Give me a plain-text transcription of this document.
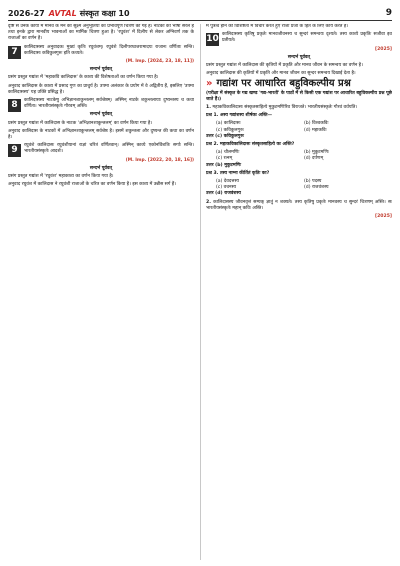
2026-27 AVTAL संस्कृत कक्षा 10	9

दृष्टि से उनके कार्यों में मानव के मन की सूक्ष्म अनुभूतियों का प्रभावपूर्ण चित्रण की गई है। नाटकों की भाषा सरल है तथा इनके द्वारा मानवीय भावनाओं का मार्मिक चित्रण हुआ है। 'रघुवंश' में दिलीप से लेकर अग्निवर्ण तक के राजाओं का वर्णन है।

7	कालिदासस्य अनुवादकः मुख्यं कृतिः रघुवंशम्। रघुवंशे दिलीपरघ्वजरामादयः राजानः वर्णिताः सन्ति। कालिदासः कविकुलगुरुः इति कथ्यते।

(M. Imp. [2024, 23, 18, 11])

सन्दर्भ पूर्ववत्

प्रसंग प्रस्तुत गद्यांश में 'महाकवि कालिदास' के काव्य की विशेषताओं का वर्णन किया गया है।

अनुवाद कालिदास के काव्य में प्रसाद गुण का प्राचुर्य है। उपमा अलंकार के प्रयोग में वे अद्वितीय हैं, इसलिए 'उपमा कालिदासस्य' यह उक्ति प्रसिद्ध है।

8	कालिदासस्य नाटकेषु अभिज्ञानशाकुन्तलम् सर्वश्रेष्ठम्। अस्मिन् नाटके शकुन्तलायाः दुष्यन्तस्य च कथा वर्णिता। भारतीयसंस्कृतेः गौरवम् अस्ति।

सन्दर्भ पूर्ववत्

प्रसंग प्रस्तुत गद्यांश में कालिदास के नाटक 'अभिज्ञानशाकुन्तलम्' का वर्णन किया गया है।

अनुवाद कालिदास के नाटकों में अभिज्ञानशाकुन्तलम् सर्वश्रेष्ठ है। इसमें शकुन्तला और दुष्यन्त की कथा का वर्णन है।

9	रघुवंशे कालिदासः रघुवंशीयानां राज्ञां चरित्रं वर्णितवान्। अस्मिन् काव्ये एकोनविंशतिः सर्गाः सन्ति। भारतीयसंस्कृतेः आदर्शः।

(M. Imp. [2022, 20, 18, 16])

सन्दर्भ पूर्ववत्

प्रसंग प्रस्तुत गद्यांश में 'रघुवंश' महाकाव्य का वर्णन किया गया है।

अनुवाद रघुवंश में कालिदास ने रघुवंशी राजाओं के चरित्र का वर्णन किया है। इस काव्य में उन्नीस सर्ग हैं।

में पुत्रत्व होने की विशिष्टता में विचार करते हुए राजा प्रजा के हित के लिए कार्य करते हैं।

10 कालिदासस्य कृतिषु प्रकृतेः मानवजीवनस्य च सुन्दरं समन्वयः दृश्यते। तस्य काव्ये प्रकृतिः सजीवा इव प्रतीयते।

[2025]

सन्दर्भ पूर्ववत्

प्रसंग प्रस्तुत गद्यांश में कालिदास की कृतियों में प्रकृति और मानव जीवन के समन्वय का वर्णन है।

अनुवाद कालिदास की कृतियों में प्रकृति और मानव जीवन का सुन्दर समन्वय दिखाई देता है।

» गद्यांश पर आधारित बहुविकल्पीय प्रश्न

(परीक्षा में संस्कृत के गद्य खण्ड 'गद्य-भारती' के पाठों में से किसी एक गद्यांश पर आधारित बहुविकल्पीय प्रश्न पूछे जाते हैं।)

1. महाकविकालिदासः संस्कृतसाहित्ये मुकुटमणिरिव विराजते। भारतीयसंस्कृतेः गौरवं वर्धयति।

प्रश्न 1. अस्य गद्यांशस्य शीर्षकः अस्ति—

(a) कालिदासः	(b) विश्वकविः
(c) कविकुलगुरुः	(d) महाकविः

उत्तर (c) कविकुलगुरुः

प्रश्न 2. महाकविकालिदासः संस्कृतसाहित्ये कः अस्ति?

(a) चौलमणिः	(b) मुकुटमणिः
(c) रत्नम्	(d) दर्पणम्

उत्तर (b) मुकुटमणिः

प्रश्न 3. तस्य नाम्ना कीर्तितं कृतिः का?

(a) देवदत्तस्य	(b) पदस्य
(c) वचनस्य	(d) राजवंशस्य

उत्तर (d) राजवंशस्य

2. कालिदासस्य जीवनवृत्तं सम्यक् ज्ञातुं न शक्यते। तस्य कृतिषु प्रकृतेः मानवस्य च सुन्दरं चित्रणम् अस्ति। सः भारतीयसंस्कृतेः महान् कविः अस्ति।

[2025]
